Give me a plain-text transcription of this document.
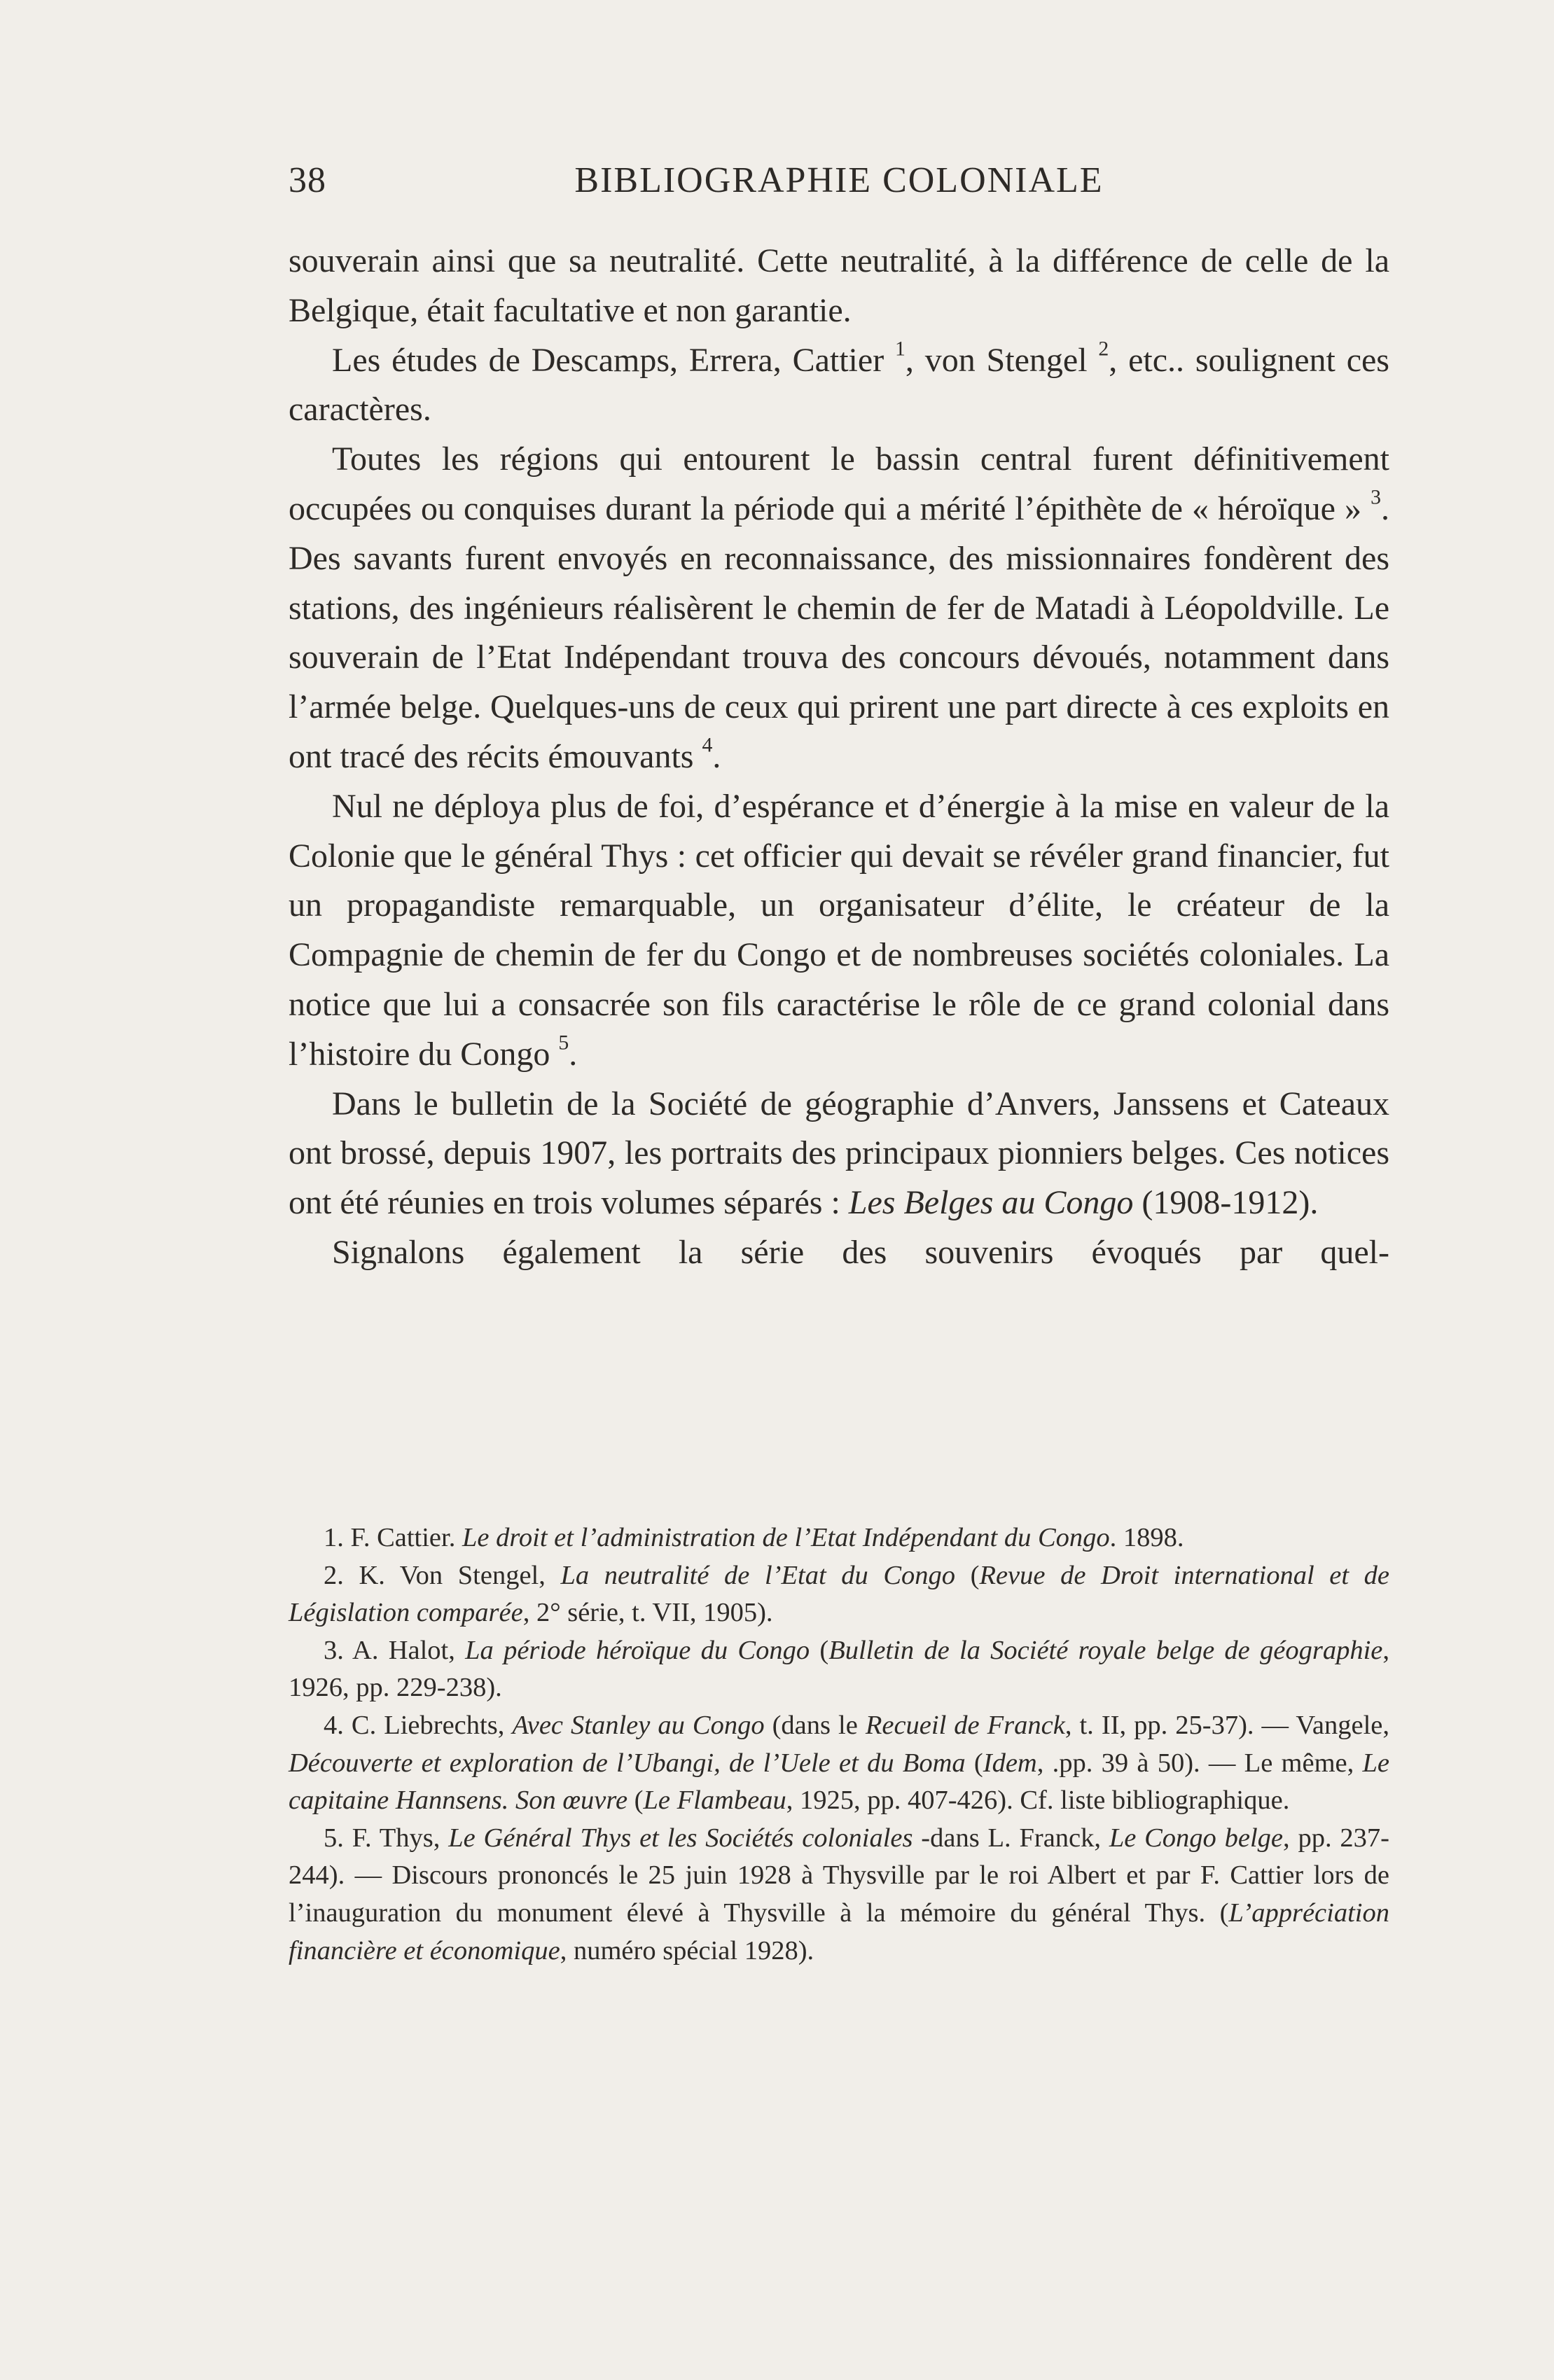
38	BIBLIOGRAPHIE COLONIALE

souverain ainsi que sa neutralité. Cette neutralité, à la différence de celle de la Belgique, était facultative et non garantie.

Les études de Descamps, Errera, Cattier $^1$, von Stengel $^2$, etc.. soulignent ces caractères.

Toutes les régions qui entourent le bassin central furent définitivement occupées ou conquises durant la période qui a mérité l’épithète de « héroïque » $^3$. Des savants furent envoyés en reconnaissance, des missionnaires fondèrent des stations, des ingénieurs réalisèrent le chemin de fer de Matadi à Léopoldville. Le souverain de l’Etat Indépendant trouva des concours dévoués, notamment dans l’armée belge. Quelques-uns de ceux qui prirent une part directe à ces exploits en ont tracé des récits émouvants $^4$.

Nul ne déploya plus de foi, d’espérance et d’énergie à la mise en valeur de la Colonie que le général Thys : cet officier qui devait se révéler grand financier, fut un propagandiste remarquable, un organisateur d’élite, le créateur de la Compagnie de chemin de fer du Congo et de nombreuses sociétés coloniales. La notice que lui a consacrée son fils caractérise le rôle de ce grand colonial dans l’histoire du Congo $^5$.

Dans le bulletin de la Société de géographie d’Anvers, Janssens et Cateaux ont brossé, depuis 1907, les portraits des principaux pionniers belges. Ces notices ont été réunies en trois volumes séparés : Les Belges au Congo (1908-1912).

Signalons également la série des souvenirs évoqués par quel-

1. F. Cattier. Le droit et l’administration de l’Etat Indépendant du Congo. 1898.

2. K. Von Stengel, La neutralité de l’Etat du Congo (Revue de Droit international et de Législation comparée, 2° série, t. VII, 1905).

3. A. Halot, La période héroïque du Congo (Bulletin de la Société royale belge de géographie, 1926, pp. 229-238).

4. C. Liebrechts, Avec Stanley au Congo (dans le Recueil de Franck, t. II, pp. 25-37). — Vangele, Découverte et exploration de l’Ubangi, de l’Uele et du Boma (Idem, .pp. 39 à 50). — Le même, Le capitaine Hannsens. Son œuvre (Le Flambeau, 1925, pp. 407-426). Cf. liste bibliographique.

5. F. Thys, Le Général Thys et les Sociétés coloniales -dans L. Franck, Le Congo belge, pp. 237-244). — Discours prononcés le 25 juin 1928 à Thysville par le roi Albert et par F. Cattier lors de l’inauguration du monument élevé à Thysville à la mémoire du général Thys. (L’appréciation financière et économique, numéro spécial 1928).
